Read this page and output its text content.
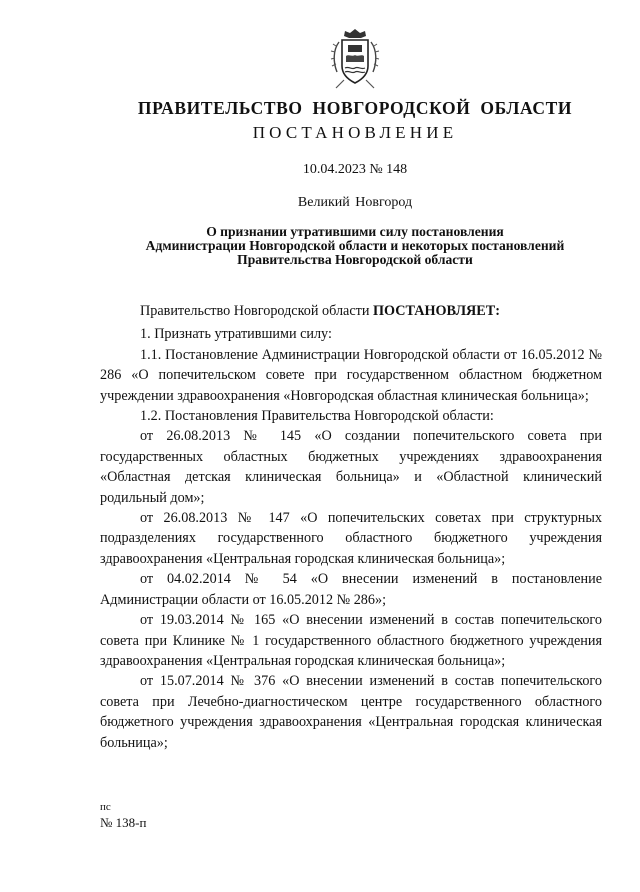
ПРАВИТЕЛЬСТВО НОВГОРОДСКОЙ ОБЛАСТИ
ПОСТАНОВЛЕНИЕ
10.04.2023 № 148
Великий Новгород
О признании утратившими силу постановления
Администрации Новгородской области и некоторых постановлений
Правительства Новгородской области

Правительство Новгородской области ПОСТАНОВЛЯЕТ:

1. Признать утратившими силу:

1.1. Постановление Администрации Новгородской области от 16.05.2012 № 286 «О попечительском совете при государственном областном бюджетном учреждении здравоохранения «Новгородская областная клиническая больница»;

1.2. Постановления Правительства Новгородской области:

от 26.08.2013 № 145 «О создании попечительского совета при государственных областных бюджетных учреждениях здравоохранения «Областная детская клиническая больница» и «Областной клинический родильный дом»;

от 26.08.2013 № 147 «О попечительских советах при структурных подразделениях государственного областного бюджетного учреждения здравоохранения «Центральная городская клиническая больница»;

от 04.02.2014 № 54 «О внесении изменений в постановление Администрации области от 16.05.2012 № 286»;

от 19.03.2014 № 165 «О внесении изменений в состав попечительского совета при Клинике № 1 государственного областного бюджетного учреждения здравоохранения «Центральная городская клиническая больница»;

от 15.07.2014 № 376 «О внесении изменений в состав попечительского совета при Лечебно-диагностическом центре государственного областного бюджетного учреждения здравоохранения «Центральная городская клиническая больница»;

пс
№ 138-п
